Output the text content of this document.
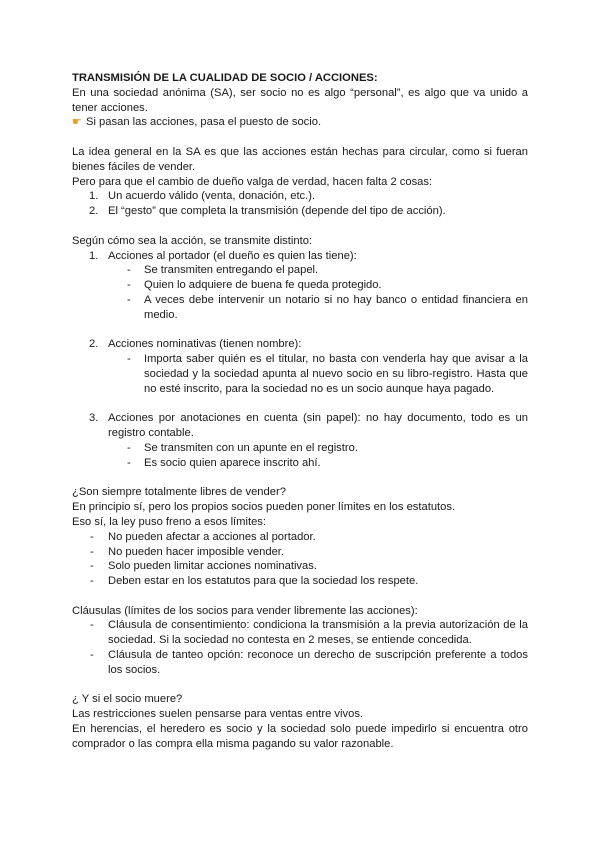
TRANSMISIÓN DE LA CUALIDAD DE SOCIO / ACCIONES:

En una sociedad anónima (SA), ser socio no es algo “personal”, es algo que va unido a tener acciones.

☛ Si pasan las acciones, pasa el puesto de socio.

La idea general en la SA es que las acciones están hechas para circular, como si fueran bienes fáciles de vender.

Pero para que el cambio de dueño valga de verdad, hacen falta 2 cosas:

1. Un acuerdo válido (venta, donación, etc.).
2. El “gesto” que completa la transmisión (depende del tipo de acción).

Según cómo sea la acción, se transmite distinto:

1. Acciones al portador (el dueño es quien las tiene):

- Se transmiten entregando el papel.
- Quien lo adquiere de buena fe queda protegido.
- A veces debe intervenir un notario si no hay banco o entidad financiera en medio.
2. Acciones nominativas (tienen nombre):

- Importa saber quién es el titular, no basta con venderla hay que avisar a la sociedad y la sociedad apunta al nuevo socio en su libro-registro. Hasta que no esté inscrito, para la sociedad no es un socio aunque haya pagado.
3. Acciones por anotaciones en cuenta (sin papel): no hay documento, todo es un registro contable.

- Se transmiten con un apunte en el registro.
- Es socio quien aparece inscrito ahí.

¿Son siempre totalmente libres de vender?

En principio sí, pero los propios socios pueden poner límites en los estatutos.

Eso sí, la ley puso freno a esos límites:

- No pueden afectar a acciones al portador.
- No pueden hacer imposible vender.
- Solo pueden limitar acciones nominativas.
- Deben estar en los estatutos para que la sociedad los respete.

Cláusulas (límites de los socios para vender libremente las acciones):

- Cláusula de consentimiento: condiciona la transmisión a la previa autorización de la sociedad. Si la sociedad no contesta en 2 meses, se entiende concedida.
- Cláusula de tanteo opción: reconoce un derecho de suscripción preferente a todos los socios.

¿ Y si el socio muere?

Las restricciones suelen pensarse para ventas entre vivos.

En herencias, el heredero es socio y la sociedad solo puede impedirlo si encuentra otro comprador o las compra ella misma pagando su valor razonable.
